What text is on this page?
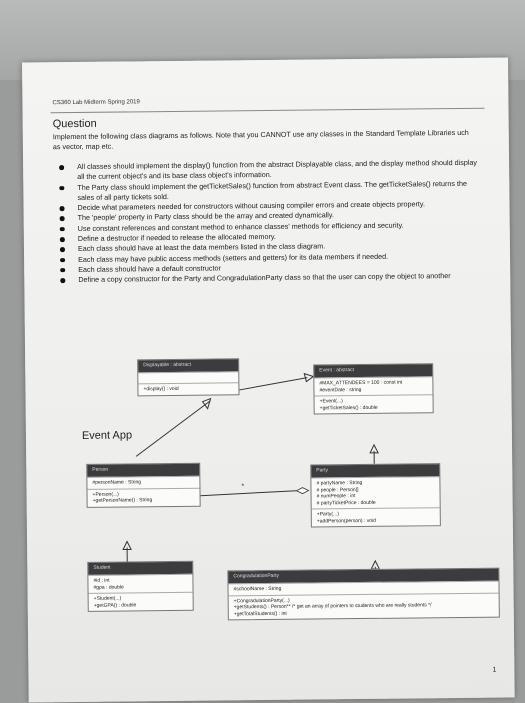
CS360 Lab Midterm Spring 2019
Question
Implement the following class diagrams as follows. Note that you CANNOT use any classes in the Standard Template Libraries uch as vector, map etc.
All classes should implement the display() function from the abstract Displayable class, and the display method should display all the current object's and its base class object's information.
The Party class should implement the getTicketSales() function from abstract Event class. The getTicketSales() returns the sales of all party tickets sold.
Decide what parameters needed for constructors without causing compiler errors and create objects property.
The 'people' property in Party class should be the array and created dynamically.
Use constant references and constant method to enhance classes' methods for efficiency and security.
Define a destructor if needed to release the allocated memory.
Each class should have at least the data members listed in the class diagram.
Each class may have public access methods (setters and getters) for its data members if needed.
Each class should have a default constructor
Define a copy constructor for the Party and CongradulationParty class so that the user can copy the object to another
*
Displayable : abstract
+display() : void
Event : abstract
#MAX_ATTENDEES = 100 : const int
#eventDate : string
+Event(...)
+getTicketSales() : double
Event App
Person
#personName : String
+Person(...)
+getPersonName() : String
Party
# partyName : String
# people : Person[]
# numPeople : int
# partyTicketPrice : double
+Party(...)
+addPerson(person) : void
Student
#id : int
#gpa : double
+Student(...)
+getGPA() : double
CongradulationParty
#schoolName : String
+CongradulationParty(...)
+getStudents() : Person** /* get an array of pointers to students who are really students */
+getTotalStudents() : int
1
